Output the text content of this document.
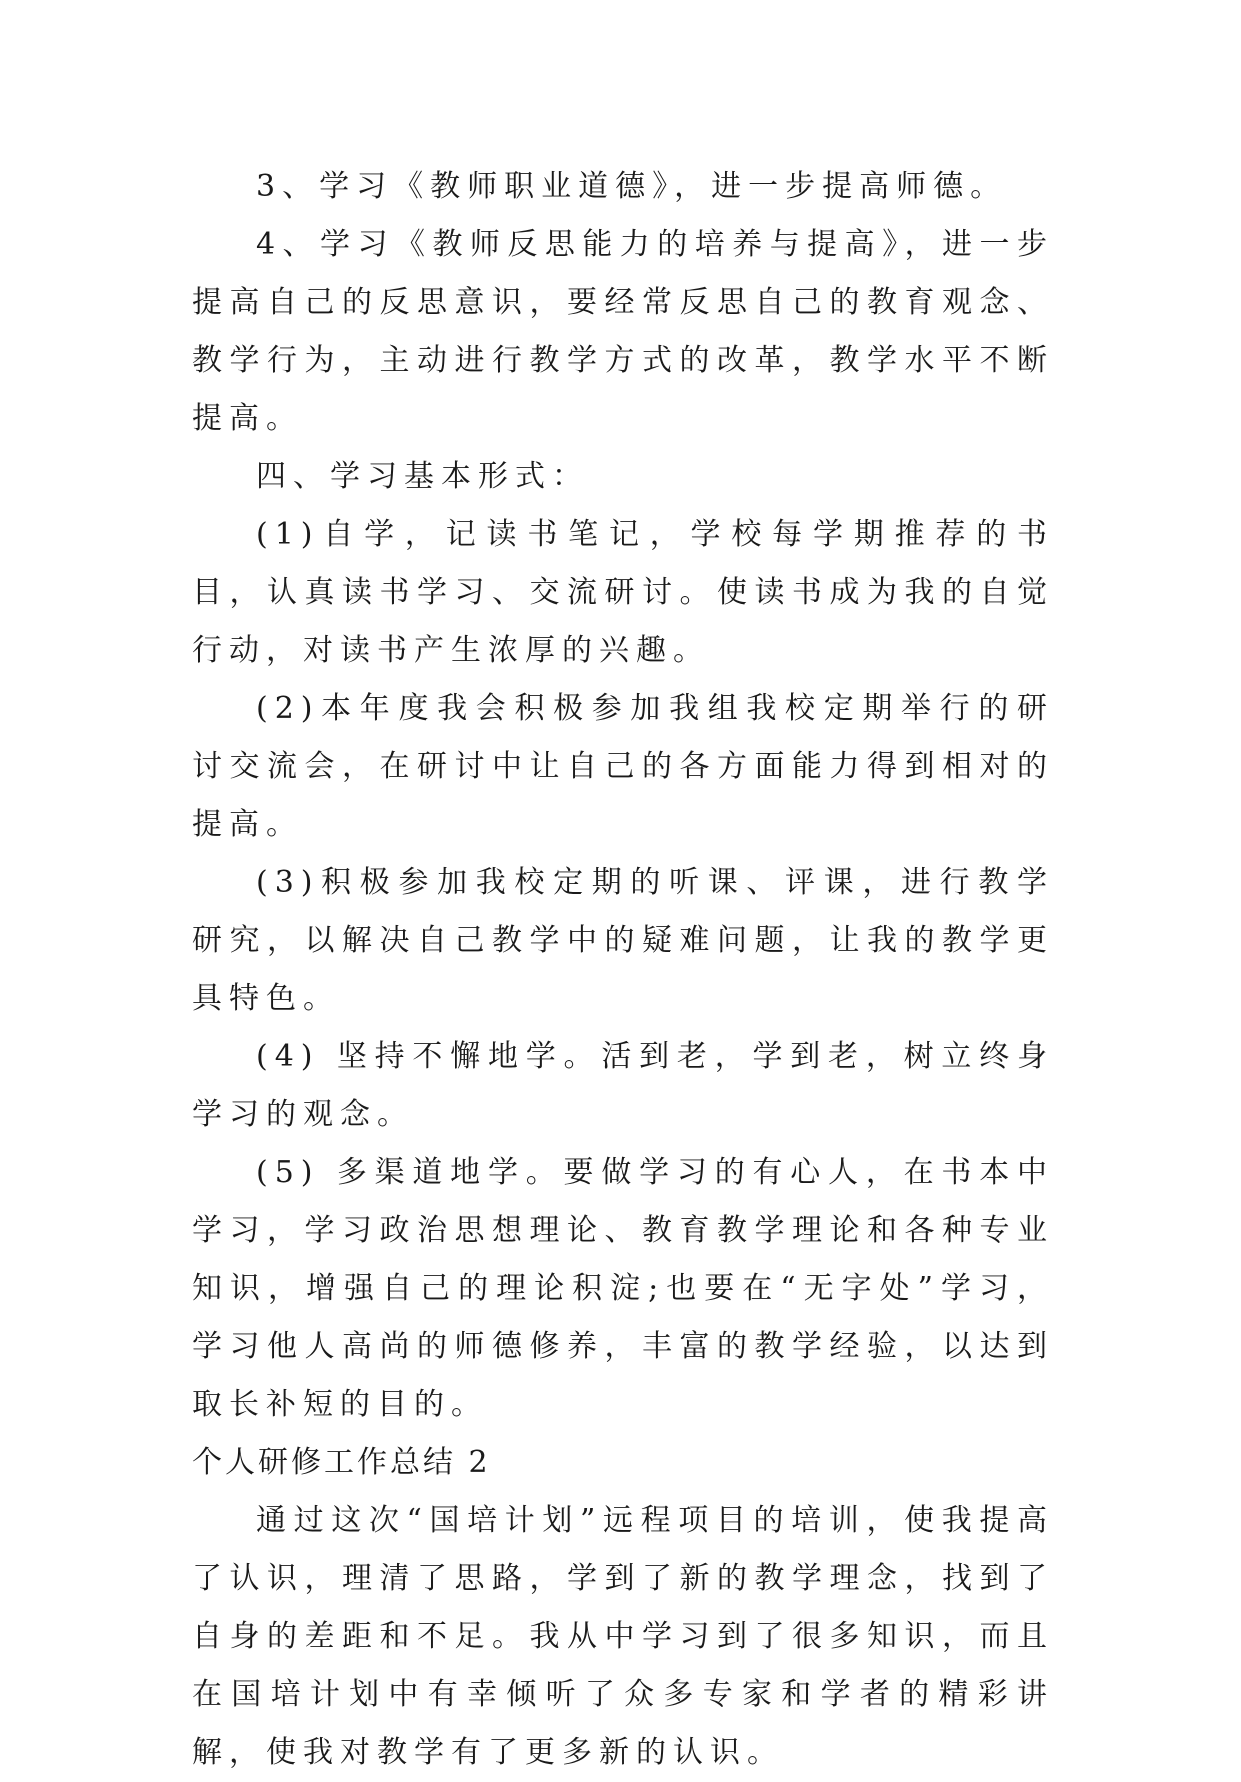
3、学习《教师职业道德》，进一步提高师德。

4、学习《教师反思能力的培养与提高》，进一步提高自己的反思意识，要经常反思自己的教育观念、教学行为，主动进行教学方式的改革，教学水平不断提高。

四、学习基本形式：

(1)自学，记读书笔记，学校每学期推荐的书目，认真读书学习、交流研讨。使读书成为我的自觉行动，对读书产生浓厚的兴趣。

(2)本年度我会积极参加我组我校定期举行的研讨交流会，在研讨中让自己的各方面能力得到相对的提高。

(3)积极参加我校定期的听课、评课，进行教学研究，以解决自己教学中的疑难问题，让我的教学更具特色。

(4) 坚持不懈地学。活到老，学到老，树立终身学习的观念。

(5) 多渠道地学。要做学习的有心人，在书本中学习，学习政治思想理论、教育教学理论和各种专业知识，增强自己的理论积淀;也要在“无字处”学习，学习他人高尚的师德修养，丰富的教学经验，以达到取长补短的目的。

个人研修工作总结 2

通过这次“国培计划”远程项目的培训，使我提高了认识，理清了思路，学到了新的教学理念，找到了自身的差距和不足。我从中学习到了很多知识，而且在国培计划中有幸倾听了众多专家和学者的精彩讲解，使我对教学有了更多新的认识。
